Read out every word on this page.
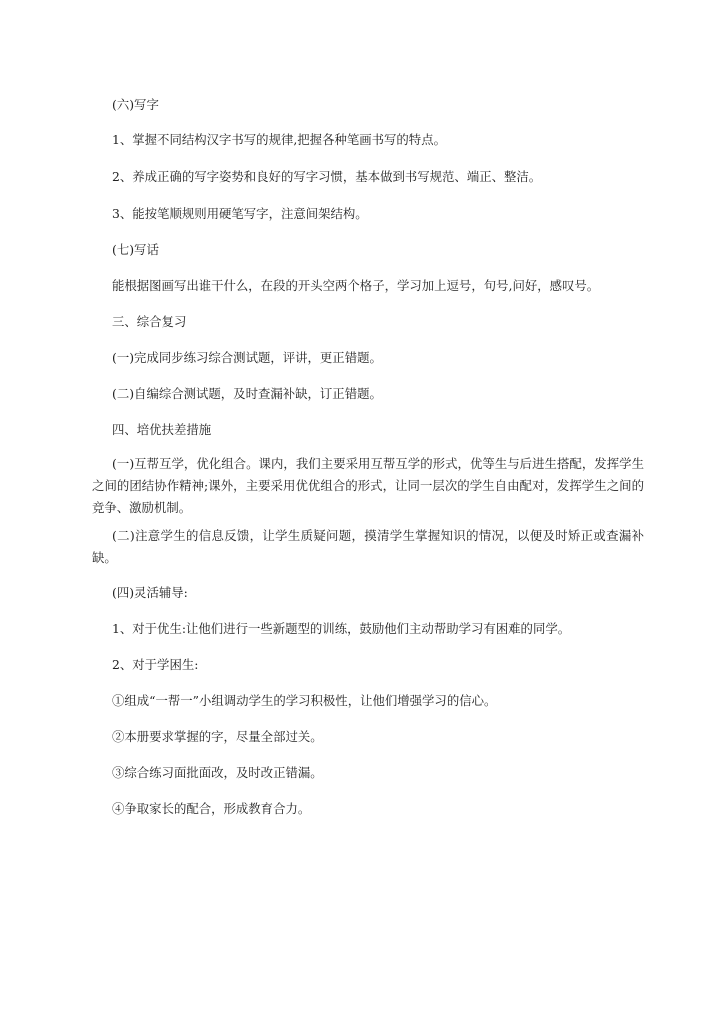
(六)写字
1、掌握不同结构汉字书写的规律,把握各种笔画书写的特点。
2、养成正确的写字姿势和良好的写字习惯，基本做到书写规范、端正、整洁。
3、能按笔顺规则用硬笔写字，注意间架结构。
(七)写话
能根据图画写出谁干什么，在段的开头空两个格子，学习加上逗号，句号,问好，感叹号。
三、综合复习
(一)完成同步练习综合测试题，评讲，更正错题。
(二)自编综合测试题，及时查漏补缺，订正错题。
四、培优扶差措施
(一)互帮互学，优化组合。课内，我们主要采用互帮互学的形式，优等生与后进生搭配，发挥学生之间的团结协作精神;课外，主要采用优优组合的形式，让同一层次的学生自由配对，发挥学生之间的竞争、激励机制。
(二)注意学生的信息反馈，让学生质疑问题，摸清学生掌握知识的情况，以便及时矫正或查漏补缺。
(四)灵活辅导:
1、对于优生:让他们进行一些新题型的训练，鼓励他们主动帮助学习有困难的同学。
2、对于学困生:
①组成“一帮一”小组调动学生的学习积极性，让他们增强学习的信心。
②本册要求掌握的字，尽量全部过关。
③综合练习面批面改，及时改正错漏。
④争取家长的配合，形成教育合力。
